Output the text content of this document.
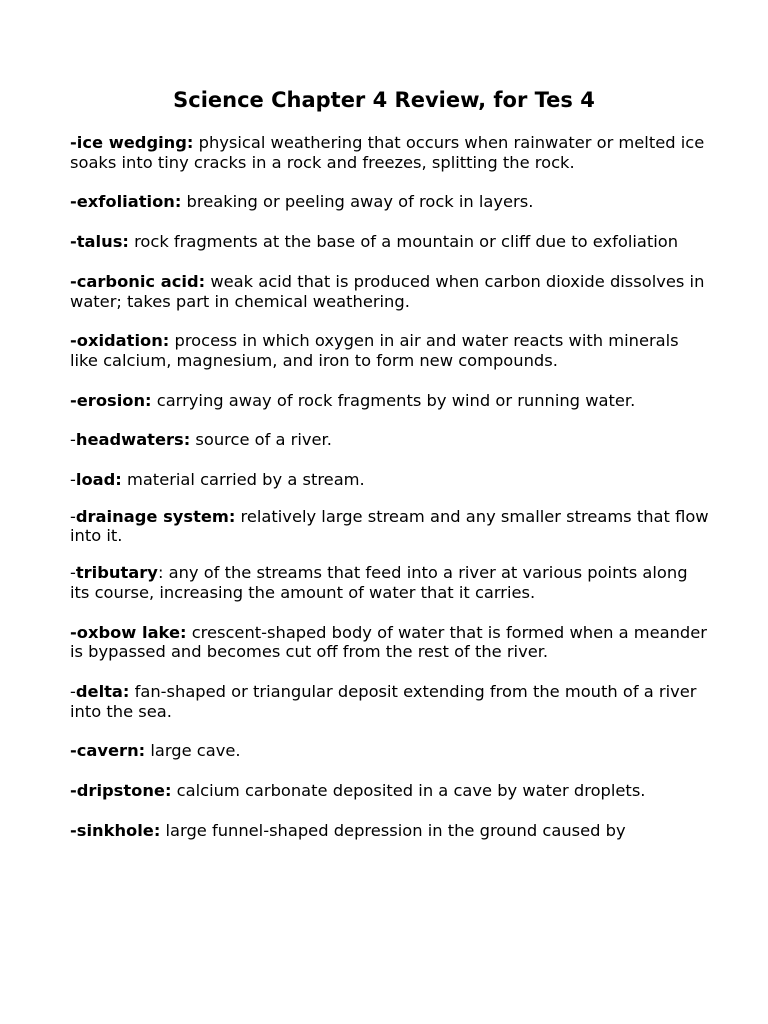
Science Chapter 4 Review, for Tes 4

-ice wedging: physical weathering that occurs when rainwater or melted ice soaks into tiny cracks in a rock and freezes, splitting the rock.

-exfoliation: breaking or peeling away of rock in layers.

-talus: rock fragments at the base of a mountain or cliff due to exfoliation

-carbonic acid: weak acid that is produced when carbon dioxide dissolves in water; takes part in chemical weathering.

-oxidation: process in which oxygen in air and water reacts with minerals like calcium, magnesium, and iron to form new compounds.

-erosion: carrying away of rock fragments by wind or running water.

-headwaters: source of a river.

-load: material carried by a stream.

-drainage system: relatively large stream and any smaller streams that flow into it.

-tributary: any of the streams that feed into a river at various points along its course, increasing the amount of water that it carries.

-oxbow lake: crescent-shaped body of water that is formed when a meander is bypassed and becomes cut off from the rest of the river.

-delta: fan-shaped or triangular deposit extending from the mouth of a river into the sea.

-cavern: large cave.

-dripstone: calcium carbonate deposited in a cave by water droplets.

-sinkhole: large funnel-shaped depression in the ground caused by
